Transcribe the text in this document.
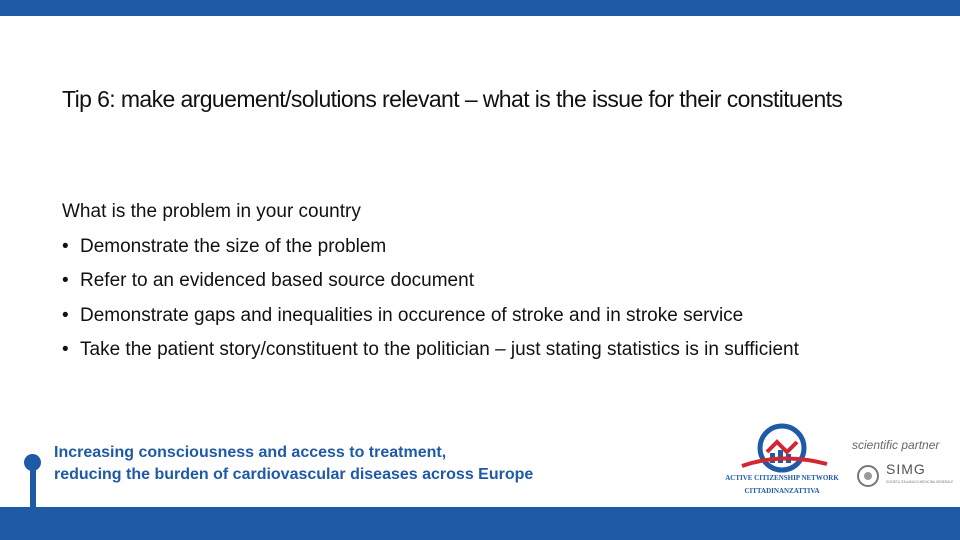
Tip 6: make arguement/solutions relevant – what is the issue for their constituents

What is the problem in your country

• Demonstrate the size of the problem
• Refer to an evidenced based source document
• Demonstrate gaps and inequalities in occurence of stroke and in stroke service
• Take the patient story/constituent to the politician – just stating statistics is in sufficient
Increasing consciousness and access to treatment,
reducing the burden of cardiovascular diseases across Europe	ACTIVE CITIZENSHIP NETWORK
CITTADINANZATTIVA
scientific partner
SIMG
SOCIETÀ ITALIANA DI MEDICINA GENERALE
